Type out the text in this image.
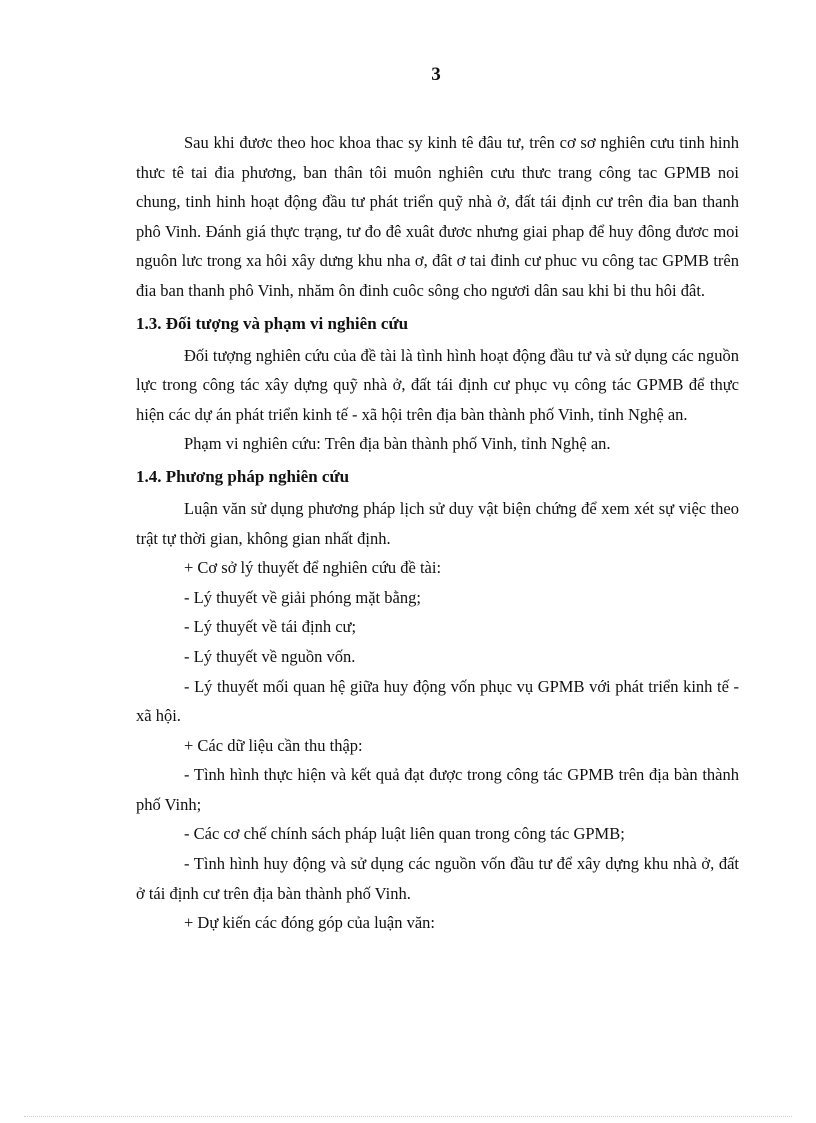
3

Sau khi đươc theo hoc khoa thac sy kinh tê đâu tư, trên cơ sơ nghiên cưu tinh hinh thưc tê tai đia phương, ban thân tôi muôn nghiên cưu thưc trang công tac GPMB noi chung, tinh hinh hoạt động đầu tư phát triển quỹ nhà ở, đất tái định cư trên đia ban thanh phô Vinh. Đánh giá thực trạng, tư đo đê xuât đươc nhưng giai phap để huy đông đươc moi nguôn lưc trong xa hôi xây dưng khu nha ơ, đât ơ tai đinh cư phuc vu công tac GPMB trên đia ban thanh phô Vinh, nhăm ôn đinh cuôc sông cho ngươi dân sau khi bi thu hôi đât.

1.3. Đối tượng và phạm vi nghiên cứu

Đối tượng nghiên cứu của đề tài là tình hình hoạt động đầu tư và sử dụng các nguồn lực trong công tác xây dựng quỹ nhà ở, đất tái định cư phục vụ công tác GPMB để thực hiện các dự án phát triển kinh tế - xã hội trên địa bàn thành phố Vinh, tỉnh Nghệ an.

Phạm vi nghiên cứu: Trên địa bàn thành phố Vinh, tỉnh Nghệ an.

1.4. Phương pháp nghiên cứu

Luận văn sử dụng phương pháp lịch sử duy vật biện chứng để xem xét sự việc theo trật tự thời gian, không gian nhất định.

+ Cơ sở lý thuyết để nghiên cứu đề tài:

- Lý thuyết về giải phóng mặt bằng;

- Lý thuyết về tái định cư;

- Lý thuyết về nguồn vốn.

- Lý thuyết mối quan hệ giữa huy động vốn phục vụ GPMB với phát triển kinh tế - xã hội.

+ Các dữ liệu cần thu thập:

- Tình hình thực hiện và kết quả đạt được trong công tác GPMB trên địa bàn thành phố Vinh;

- Các cơ chế chính sách pháp luật liên quan trong công tác GPMB;

- Tình hình huy động và sử dụng các nguồn vốn đầu tư để xây dựng khu nhà ở, đất ở tái định cư trên địa bàn thành phố Vinh.

+ Dự kiến các đóng góp của luận văn:
